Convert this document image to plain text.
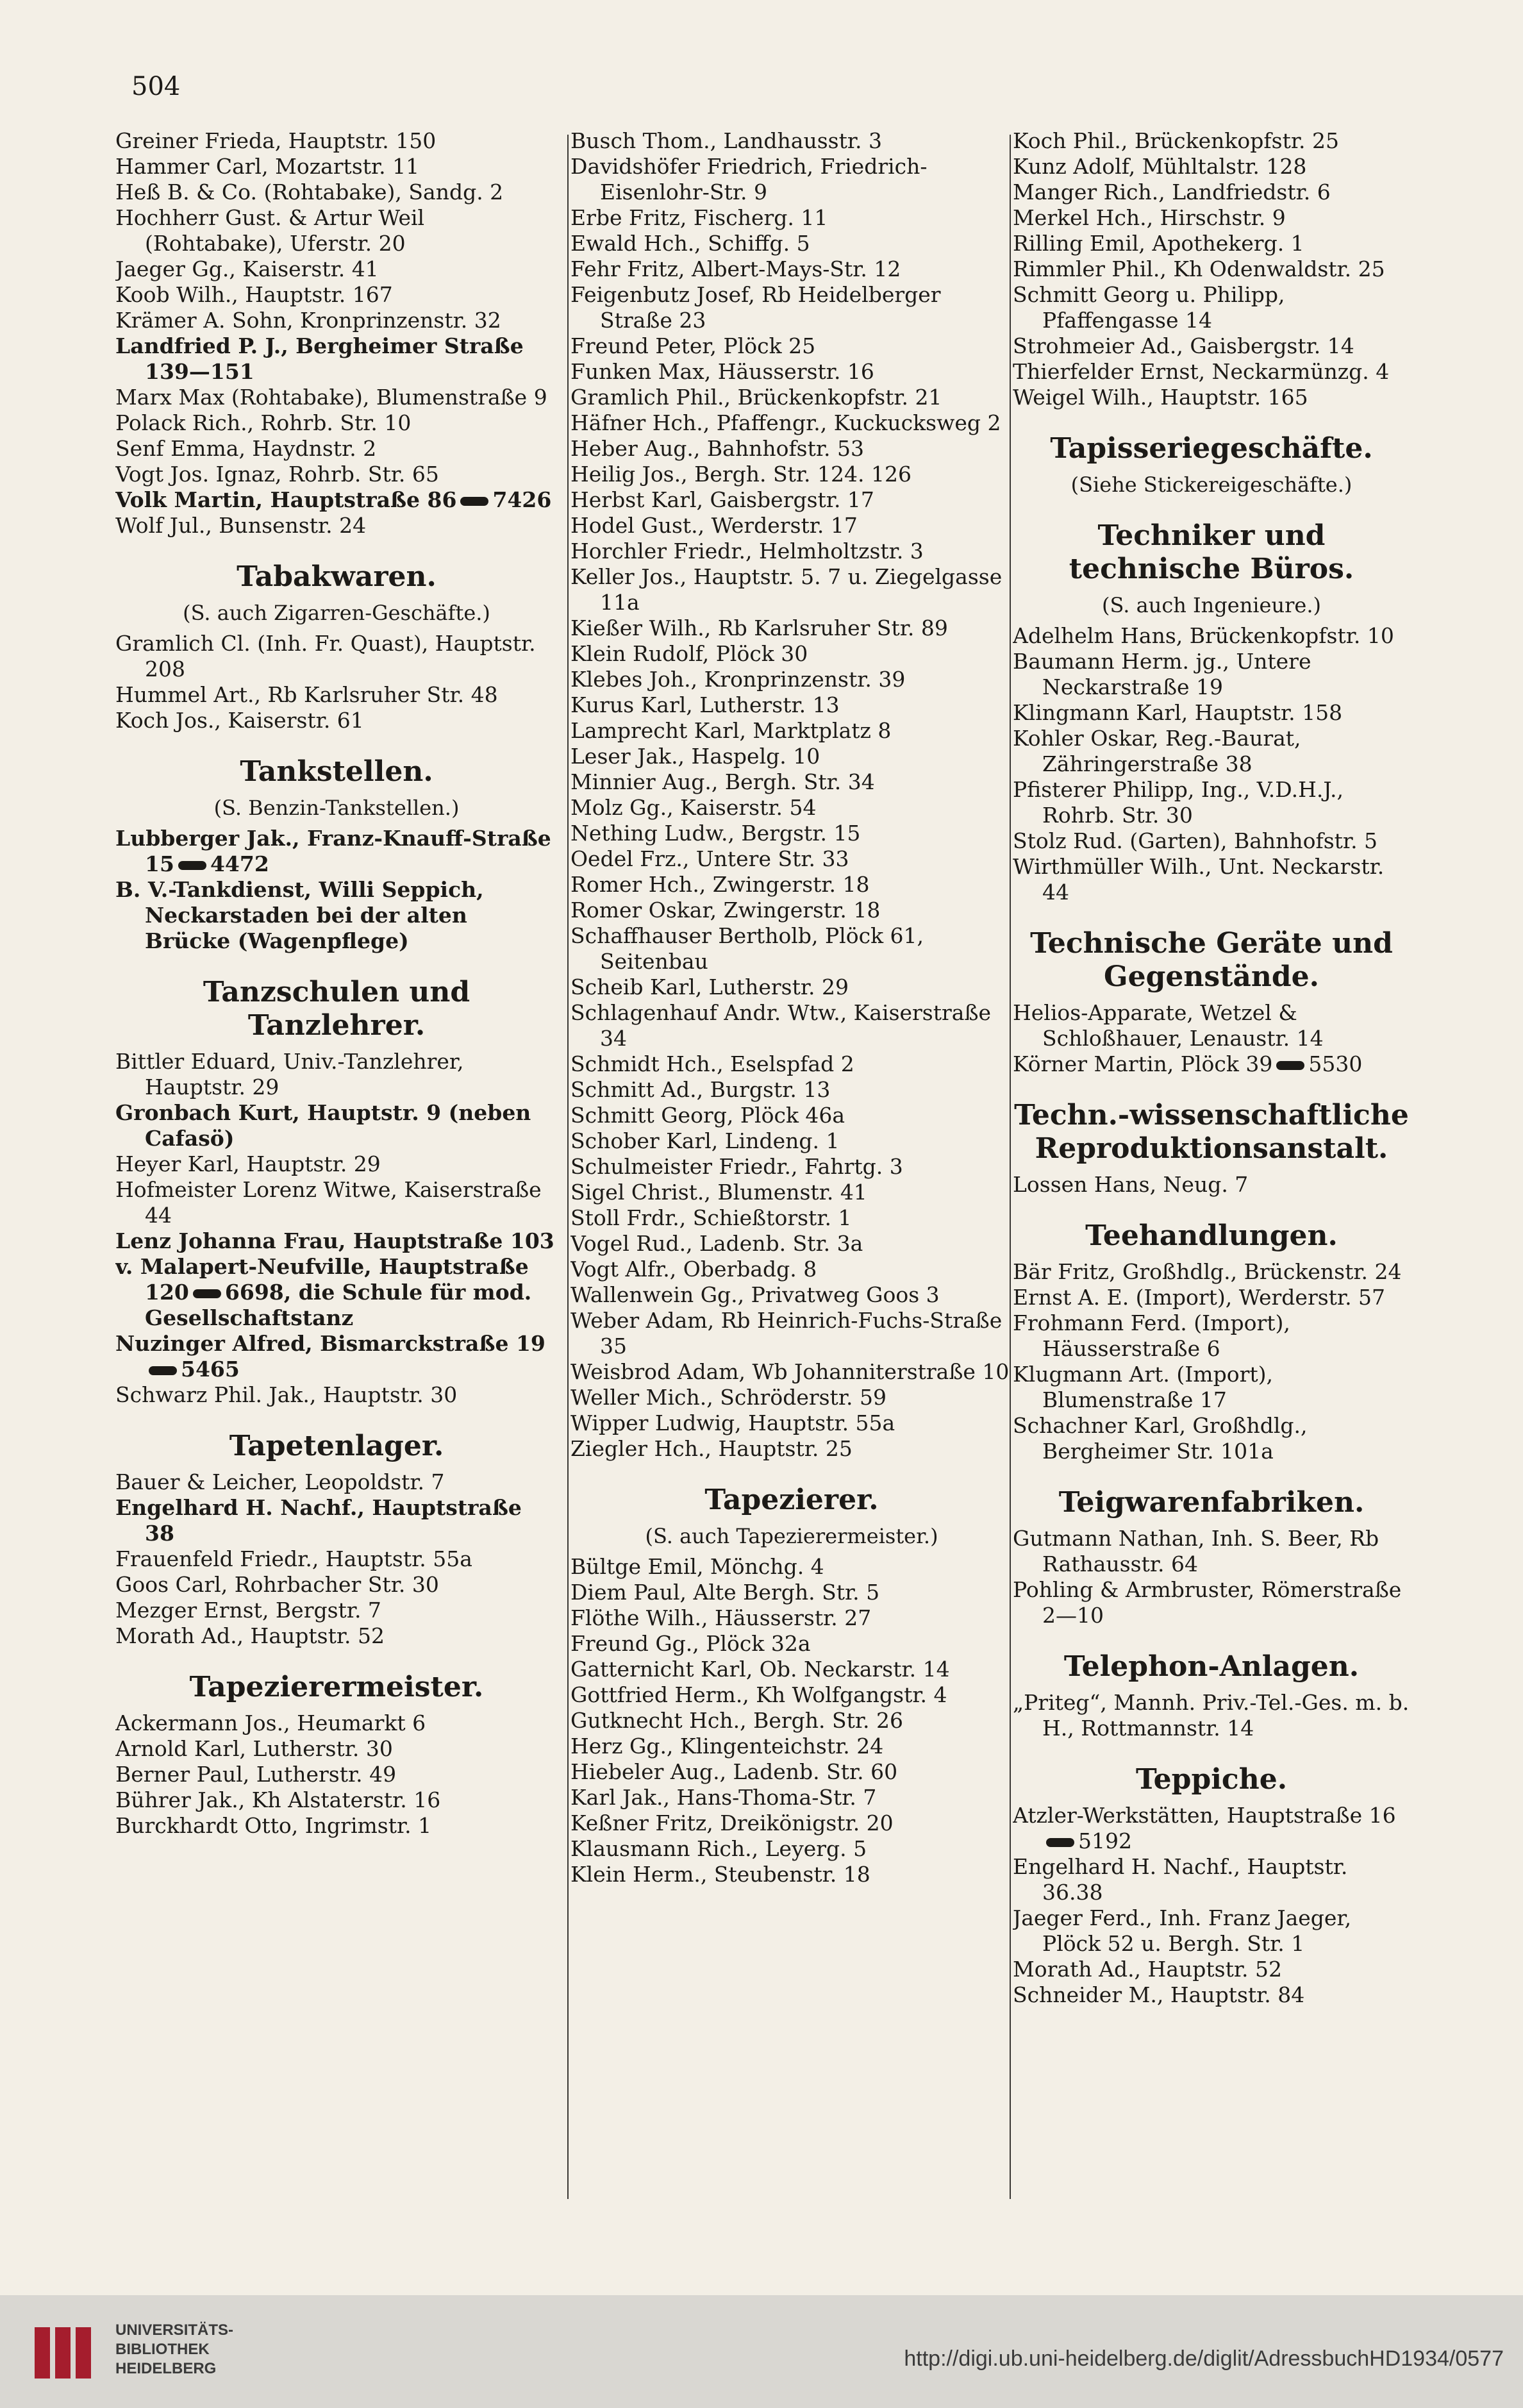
504
Greiner Frieda, Hauptstr. 150
Hammer Carl, Mozartstr. 11
Heß B. & Co. (Rohtabake), Sandg. 2
Hochherr Gust. & Artur Weil (Rohtabake), Uferstr. 20
Jaeger Gg., Kaiserstr. 41
Koob Wilh., Hauptstr. 167
Krämer A. Sohn, Kronprinzenstr. 32
Landfried P. J., Bergheimer Straße 139—151
Marx Max (Rohtabake), Blumenstraße 9
Polack Rich., Rohrb. Str. 10
Senf Emma, Haydnstr. 2
Vogt Jos. Ignaz, Rohrb. Str. 65
Volk Martin, Hauptstraße 86 7426
Wolf Jul., Bunsenstr. 24
Tabakwaren.
(S. auch Zigarren-Geschäfte.)
Gramlich Cl. (Inh. Fr. Quast), Hauptstr. 208
Hummel Art., Rb Karlsruher Str. 48
Koch Jos., Kaiserstr. 61
Tankstellen.
(S. Benzin-Tankstellen.)
Lubberger Jak., Franz-Knauff-Straße 15 4472
B. V.-Tankdienst, Willi Seppich, Neckarstaden bei der alten Brücke (Wagenpflege)
Tanzschulen und Tanzlehrer.
Bittler Eduard, Univ.-Tanzlehrer, Hauptstr. 29
Gronbach Kurt, Hauptstr. 9 (neben Cafasö)
Heyer Karl, Hauptstr. 29
Hofmeister Lorenz Witwe, Kaiserstraße 44
Lenz Johanna Frau, Hauptstraße 103
v. Malapert-Neufville, Hauptstraße 120 6698, die Schule für mod. Gesellschaftstanz
Nuzinger Alfred, Bismarckstraße 195465
Schwarz Phil. Jak., Hauptstr. 30
Tapetenlager.
Bauer & Leicher, Leopoldstr. 7
Engelhard H. Nachf., Hauptstraße 38
Frauenfeld Friedr., Hauptstr. 55a
Goos Carl, Rohrbacher Str. 30
Mezger Ernst, Bergstr. 7
Morath Ad., Hauptstr. 52
Tapezierermeister.
Ackermann Jos., Heumarkt 6
Arnold Karl, Lutherstr. 30
Berner Paul, Lutherstr. 49
Bührer Jak., Kh Alstaterstr. 16
Burckhardt Otto, Ingrimstr. 1
Busch Thom., Landhausstr. 3
Davidshöfer Friedrich, Friedrich-Eisenlohr-Str. 9
Erbe Fritz, Fischerg. 11
Ewald Hch., Schiffg. 5
Fehr Fritz, Albert-Mays-Str. 12
Feigenbutz Josef, Rb Heidelberger Straße 23
Freund Peter, Plöck 25
Funken Max, Häusserstr. 16
Gramlich Phil., Brückenkopfstr. 21
Häfner Hch., Pfaffengr., Kuckucksweg 2
Heber Aug., Bahnhofstr. 53
Heilig Jos., Bergh. Str. 124. 126
Herbst Karl, Gaisbergstr. 17
Hodel Gust., Werderstr. 17
Horchler Friedr., Helmholtzstr. 3
Keller Jos., Hauptstr. 5. 7 u. Ziegelgasse 11a
Kießer Wilh., Rb Karlsruher Str. 89
Klein Rudolf, Plöck 30
Klebes Joh., Kronprinzenstr. 39
Kurus Karl, Lutherstr. 13
Lamprecht Karl, Marktplatz 8
Leser Jak., Haspelg. 10
Minnier Aug., Bergh. Str. 34
Molz Gg., Kaiserstr. 54
Nething Ludw., Bergstr. 15
Oedel Frz., Untere Str. 33
Romer Hch., Zwingerstr. 18
Romer Oskar, Zwingerstr. 18
Schaffhauser Bertholb, Plöck 61, Seitenbau
Scheib Karl, Lutherstr. 29
Schlagenhauf Andr. Wtw., Kaiserstraße 34
Schmidt Hch., Eselspfad 2
Schmitt Ad., Burgstr. 13
Schmitt Georg, Plöck 46a
Schober Karl, Lindeng. 1
Schulmeister Friedr., Fahrtg. 3
Sigel Christ., Blumenstr. 41
Stoll Frdr., Schießtorstr. 1
Vogel Rud., Ladenb. Str. 3a
Vogt Alfr., Oberbadg. 8
Wallenwein Gg., Privatweg Goos 3
Weber Adam, Rb Heinrich-Fuchs-Straße 35
Weisbrod Adam, Wb Johanniterstraße 10
Weller Mich., Schröderstr. 59
Wipper Ludwig, Hauptstr. 55a
Ziegler Hch., Hauptstr. 25
Tapezierer.
(S. auch Tapezierermeister.)
Bültge Emil, Mönchg. 4
Diem Paul, Alte Bergh. Str. 5
Flöthe Wilh., Häusserstr. 27
Freund Gg., Plöck 32a
Gatternicht Karl, Ob. Neckarstr. 14
Gottfried Herm., Kh Wolfgangstr. 4
Gutknecht Hch., Bergh. Str. 26
Herz Gg., Klingenteichstr. 24
Hiebeler Aug., Ladenb. Str. 60
Karl Jak., Hans-Thoma-Str. 7
Keßner Fritz, Dreikönigstr. 20
Klausmann Rich., Leyerg. 5
Klein Herm., Steubenstr. 18
Koch Phil., Brückenkopfstr. 25
Kunz Adolf, Mühltalstr. 128
Manger Rich., Landfriedstr. 6
Merkel Hch., Hirschstr. 9
Rilling Emil, Apothekerg. 1
Rimmler Phil., Kh Odenwaldstr. 25
Schmitt Georg u. Philipp, Pfaffengasse 14
Strohmeier Ad., Gaisbergstr. 14
Thierfelder Ernst, Neckarmünzg. 4
Weigel Wilh., Hauptstr. 165
Tapisseriegeschäfte.
(Siehe Stickereigeschäfte.)
Techniker und technische Büros.
(S. auch Ingenieure.)
Adelhelm Hans, Brückenkopfstr. 10
Baumann Herm. jg., Untere Neckarstraße 19
Klingmann Karl, Hauptstr. 158
Kohler Oskar, Reg.-Baurat, Zähringerstraße 38
Pfisterer Philipp, Ing., V.D.H.J., Rohrb. Str. 30
Stolz Rud. (Garten), Bahnhofstr. 5
Wirthmüller Wilh., Unt. Neckarstr. 44
Technische Geräte und Gegenstände.
Helios-Apparate, Wetzel & Schloßhauer, Lenaustr. 14
Körner Martin, Plöck 39 5530
Techn.-wissenschaftliche Reproduktionsanstalt.
Lossen Hans, Neug. 7
Teehandlungen.
Bär Fritz, Großhdlg., Brückenstr. 24
Ernst A. E. (Import), Werderstr. 57
Frohmann Ferd. (Import), Häusserstraße 6
Klugmann Art. (Import), Blumenstraße 17
Schachner Karl, Großhdlg., Bergheimer Str. 101a
Teigwarenfabriken.
Gutmann Nathan, Inh. S. Beer, Rb Rathausstr. 64
Pohling & Armbruster, Römerstraße 2—10
Telephon-Anlagen.
„Priteg“, Mannh. Priv.-Tel.-Ges. m. b. H., Rottmannstr. 14
Teppiche.
Atzler-Werkstätten, Hauptstraße 165192
Engelhard H. Nachf., Hauptstr. 36.38
Jaeger Ferd., Inh. Franz Jaeger, Plöck 52 u. Bergh. Str. 1
Morath Ad., Hauptstr. 52
Schneider M., Hauptstr. 84
UNIVERSITÄTS-
BIBLIOTHEK
HEIDELBERG	http://digi.ub.uni-heidelberg.de/diglit/AdressbuchHD1934/0577
